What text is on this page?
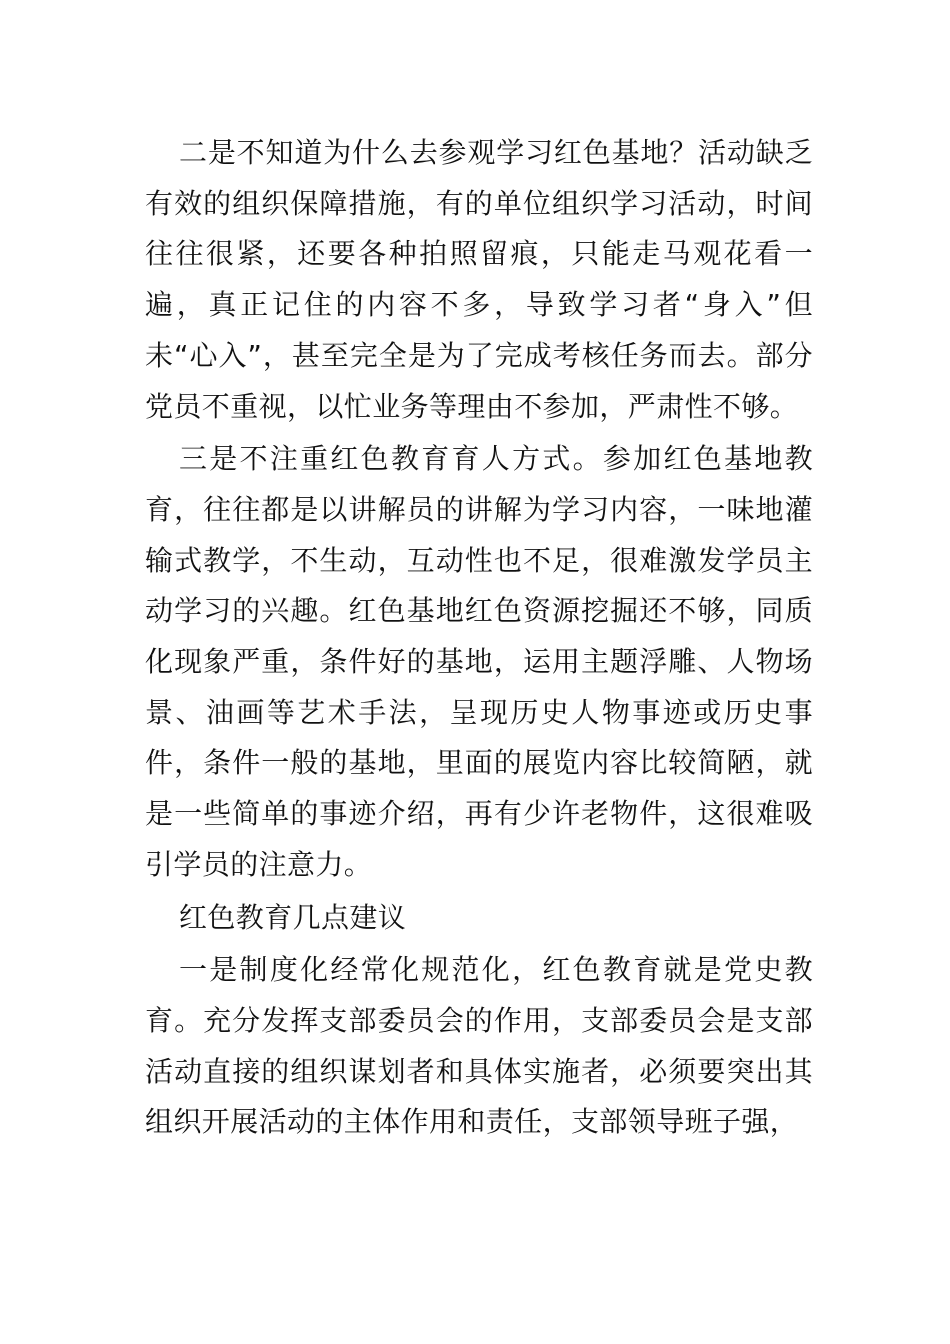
二是不知道为什么去参观学习红色基地？活动缺乏有效的组织保障措施，有的单位组织学习活动，时间往往很紧，还要各种拍照留痕，只能走马观花看一遍，真正记住的内容不多，导致学习者“身入”但未“心入”，甚至完全是为了完成考核任务而去。部分党员不重视，以忙业务等理由不参加，严肃性不够。

三是不注重红色教育育人方式。参加红色基地教育，往往都是以讲解员的讲解为学习内容，一味地灌输式教学，不生动，互动性也不足，很难激发学员主动学习的兴趣。红色基地红色资源挖掘还不够，同质化现象严重，条件好的基地，运用主题浮雕、人物场景、油画等艺术手法，呈现历史人物事迹或历史事件，条件一般的基地，里面的展览内容比较简陋，就是一些简单的事迹介绍，再有少许老物件，这很难吸引学员的注意力。

红色教育几点建议

一是制度化经常化规范化，红色教育就是党史教育。充分发挥支部委员会的作用，支部委员会是支部活动直接的组织谋划者和具体实施者，必须要突出其组织开展活动的主体作用和责任，支部领导班子强，
